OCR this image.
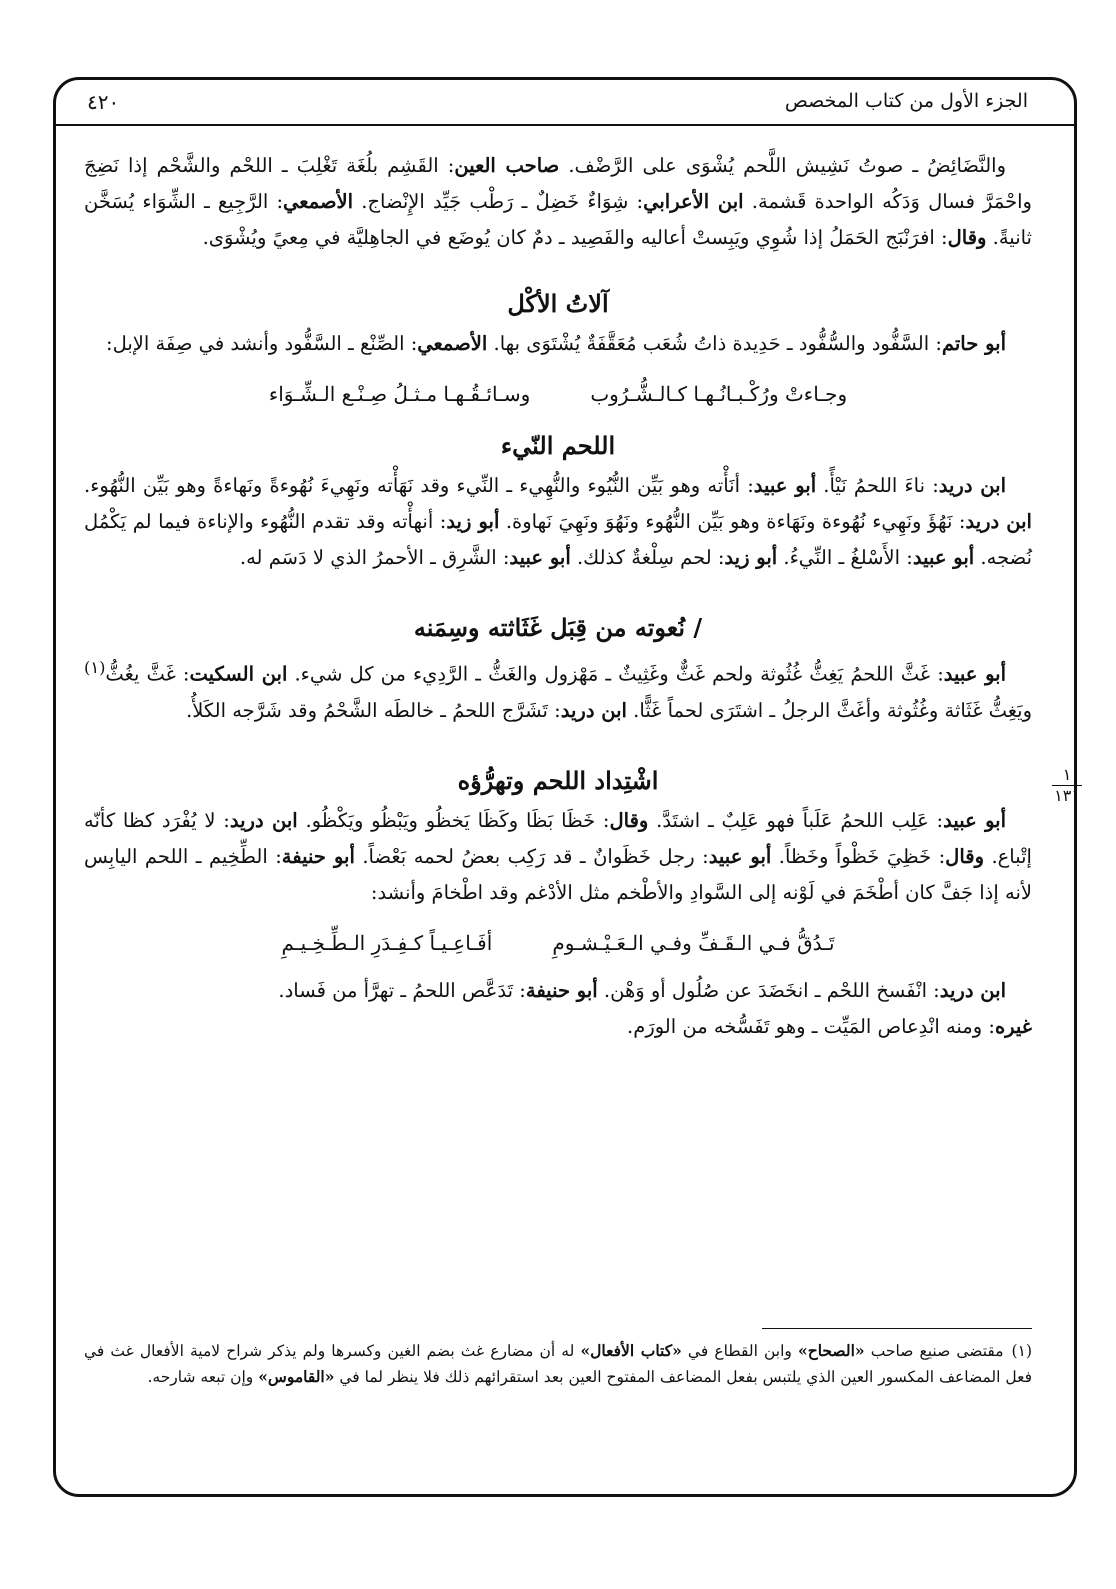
٤٢٠	الجزء الأول من كتاب المخصص
١
١٣١

والنَّضَائِضُ ـ صوتُ نَشِيش اللَّحم يُشْوَى على الرَّضْف. صاحب العين: القَشِم بلُغَة تَغْلِبَ ـ اللحْم والشَّحْم إذا نَضِجَ واحْمَرَّ فسال وَدَكُه الواحدة قَشمة. ابن الأعرابي: شِوَاءٌ خَضِلٌ ـ رَطْب جَيِّد الإِنْضاج. الأصمعي: الرَّجِيع ـ الشِّوَاء يُسَخَّن ثانيةً. وقال: افرَنْبَج الحَمَلُ إذا شُوِي ويَبِستْ أعاليه والفَصِيد ـ دمٌ كان يُوضَع في الجاهِليَّة في مِعيً ويُشْوَى.

آلاتُ الأكْل

أبو حاتم: السَّفُّود والسُّفُّود ـ حَدِيدة ذاتُ شُعَب مُعَقَّفَةٌ يُشْتَوَى بها. الأصمعي: الصِّنْع ـ السَّفُّود وأنشد في صِفَة الإبل:

وجـاءتْ ورُكْـبـانُـهـا كـالـشُّـرُوب
وسـائـقُـهـا مـثـلُ صِـنْـع الـشِّـوَاء
اللحم النّيء

ابن دريد: ناءَ اللحمُ نَيْأً. أبو عبيد: أنَأْته وهو بَيِّن النُّيُوء والنُّهِيء ـ النِّيء وقد نَهَأْته ونَهِيءَ نُهُوءةً ونَهاءةً وهو بَيِّن النُّهُوء. ابن دريد: نَهُؤَ ونَهِيء نُهُوءة ونَهَاءة وهو بَيِّن النُّهُوء ونَهُوَ ونَهِيَ نَهاوة. أبو زيد: أنهأْته وقد تقدم النُّهُوء والإناءة فيما لم يَكْمُل نُضجه. أبو عبيد: الأَسْلغُ ـ النِّيءُ. أبو زيد: لحم سِلْغةٌ كذلك. أبو عبيد: الشَّرِق ـ الأحمرُ الذي لا دَسَم له.

/ نُعوته من قِبَل غَثَاثته وسِمَنه

أبو عبيد: غَثَّ اللحمُ يَغِثُّ غُثُوثة ولحم غَثٌّ وغَثِيثٌ ـ مَهْزول والغَثُّ ـ الرَّدِيء من كل شيء. ابن السكيت: غَثَّ يغُثُّ$^{(١)}$ ويَغِثُّ غَثَاثة وغُثُوثة وأغَثَّ الرجلُ ـ اشتَرَى لحماً غَثًّا. ابن دريد: تَشَرَّج اللحمُ ـ خالطَه الشَّحْمُ وقد شَرَّجه الكَلأُ.

اشْتِداد اللحم وتهرُّؤه

أبو عبيد: عَلِب اللحمُ عَلَباً فهو عَلِبٌ ـ اشتَدَّ. وقال: خَظَا بَظَا وكَظَا يَخظُو ويَبْظُو ويَكْظُو. ابن دريد: لا يُفْرَد كظا كأنّه إتْباع. وقال: خَظِيَ خَظْواً وخَظاً. أبو عبيد: رجل خَظَوانٌ ـ قد رَكِب بعضُ لحمه بَعْضاً. أبو حنيفة: الطِّخِيم ـ اللحم اليابِس لأنه إذا جَفَّ كان أطْخَمَ في لَوْنه إلى السَّوادِ والأطْخم مثل الأدْغم وقد اطْخامَ وأنشد:

تَـدُقُّ فـي الـقَـفِّ وفـي الـعَـيْـشـومِ
أفَـاعِـيـاً كـفِـدَرِ الـطِّـخِـيـمِ

ابن دريد: انْفَسخ اللحْم ـ انخَضَدَ عن صُلُول أو وَهْن. أبو حنيفة: تَدَعَّص اللحمُ ـ تهرَّأ من فَساد.
غيره: ومنه انْدِعاص المَيِّت ـ وهو تَفَسُّخه من الورَم.

(١)مقتضى صنيع صاحب «الصحاح» وابن القطاع في «كتاب الأفعال» له أن مضارع غث بضم الغين وكسرها ولم يذكر شراح لامية الأفعال غث في فعل المضاعف المكسور العين الذي يلتبس بفعل المضاعف المفتوح العين بعد استقرائهم ذلك فلا ينظر لما في «القاموس» وإن تبعه شارحه.
